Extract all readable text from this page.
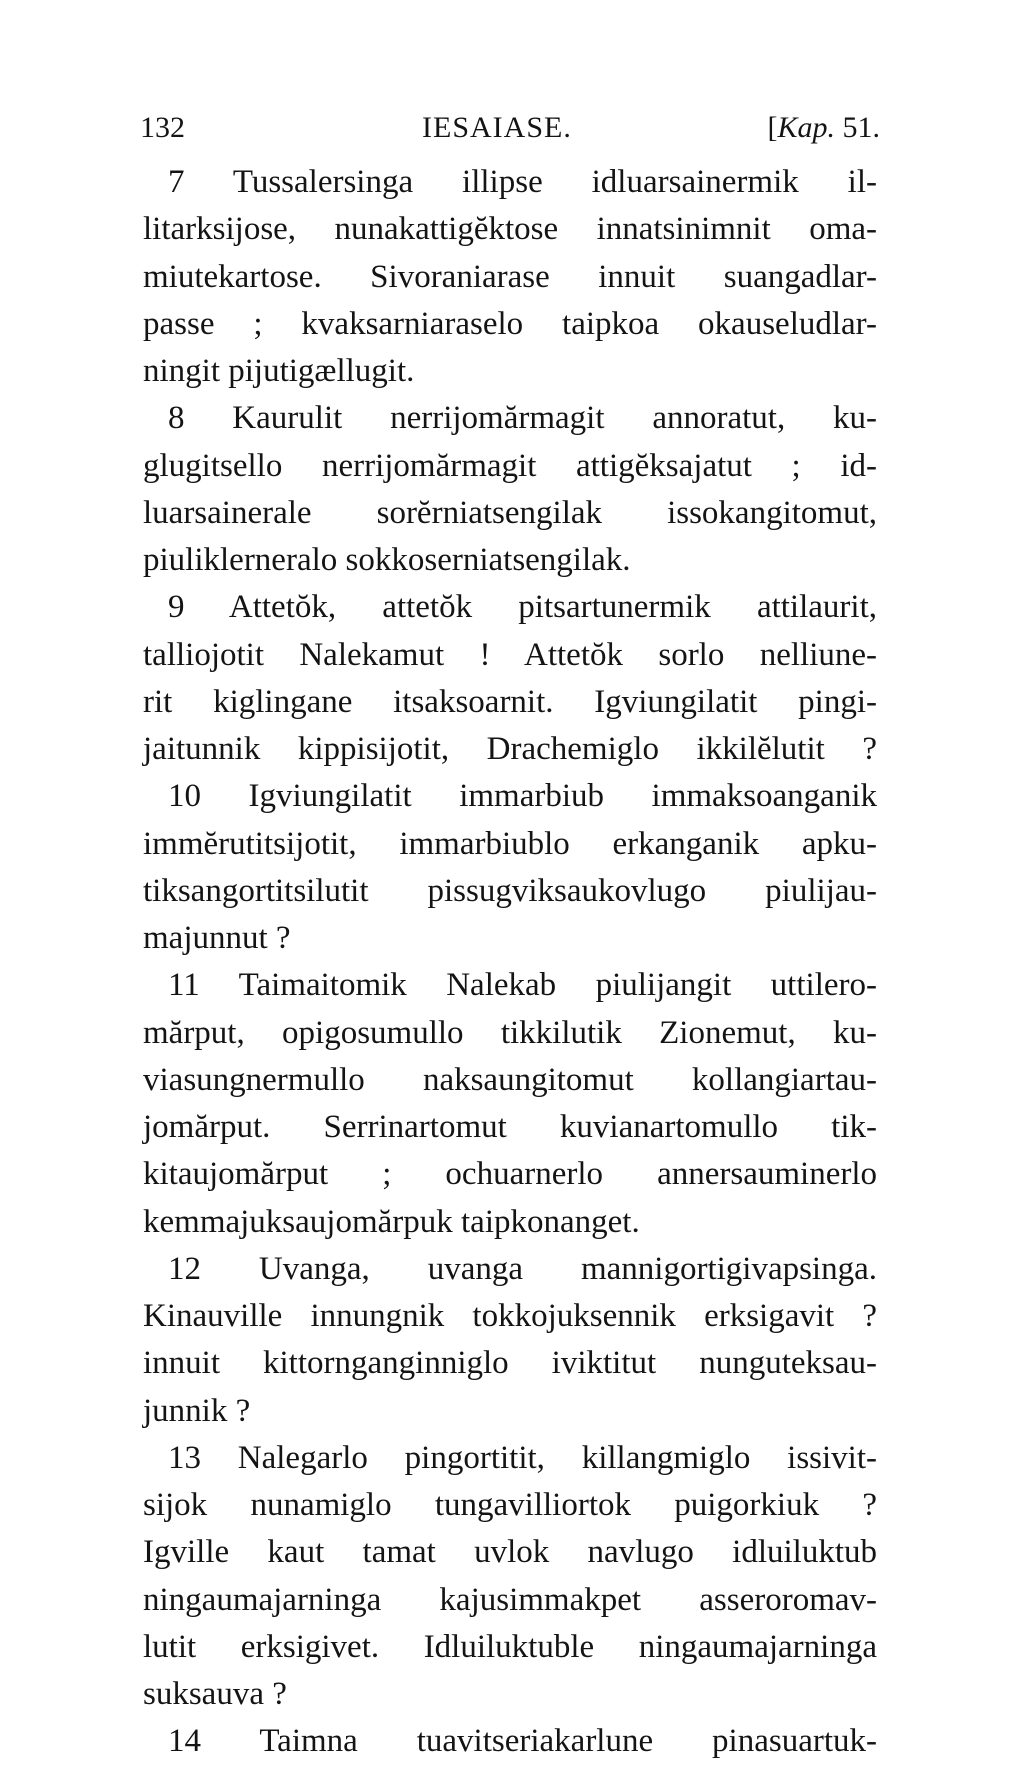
132	IESAIASE.	[Kap. 51.
7 Tussalersinga illipse idluarsainermik il-
litarksijose, nunakattigĕktose innatsinimnit oma-
miutekartose. Sivoraniarase innuit suangadlar-
passe ; kvaksarniaraselo taipkoa okauseludlar-
ningit pijutigællugit.
8 Kaurulit nerrijomărmagit annoratut, ku-
glugitsello nerrijomărmagit attigĕksajatut ; id-
luarsainerale sorĕrniatsengilak issokangitomut,
piuliklerneralo sokkoserniatsengilak.
9 Attetŏk, attetŏk pitsartunermik attilaurit,
talliojotit Nalekamut ! Attetŏk sorlo nelliune-
rit kiglingane itsaksoarnit. Igviungilatit pingi-
jaitunnik kippisijotit, Drachemiglo ikkilĕlutit ?
10 Igviungilatit immarbiub immaksoanganik
immĕrutitsijotit, immarbiublo erkanganik apku-
tiksangortitsilutit pissugviksaukovlugo piulijau-
majunnut ?
11 Taimaitomik Nalekab piulijangit uttilero-
mărput, opigosumullo tikkilutik Zionemut, ku-
viasungnermullo naksaungitomut kollangiartau-
jomărput. Serrinartomut kuvianartomullo tik-
kitaujomărput ; ochuarnerlo annersauminerlo
kemmajuksaujomărpuk taipkonanget.
12 Uvanga, uvanga mannigortigivapsinga.
Kinauville innungnik tokkojuksennik erksigavit ?
innuit kittornganginniglo iviktitut nunguteksau-
junnik ?
13 Nalegarlo pingortitit, killangmiglo issivit-
sijok nunamiglo tungavilliortok puigorkiuk ?
Igville kaut tamat uvlok navlugo idluiluktub
ningaumajarninga kajusimmakpet asseroromav-
lutit erksigivet. Idluiluktuble ningaumajarninga
suksauva ?
14 Taimna tuavitseriakarlune pinasuartuk-
